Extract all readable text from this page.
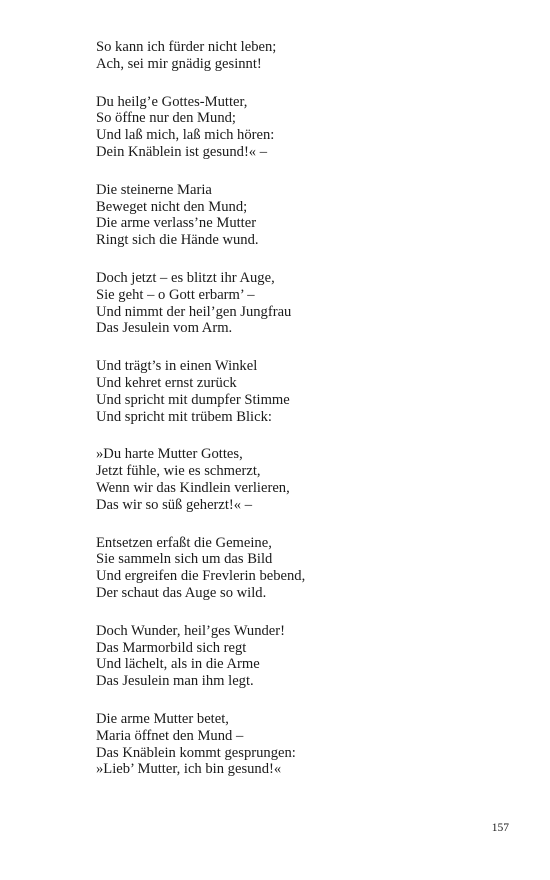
So kann ich fürder nicht leben;
Ach, sei mir gnädig gesinnt!
Du heilg’e Gottes-Mutter,
So öffne nur den Mund;
Und laß mich, laß mich hören:
Dein Knäblein ist gesund!« –
Die steinerne Maria
Beweget nicht den Mund;
Die arme verlass’ne Mutter
Ringt sich die Hände wund.
Doch jetzt – es blitzt ihr Auge,
Sie geht – o Gott erbarm’ –
Und nimmt der heil’gen Jungfrau
Das Jesulein vom Arm.
Und trägt’s in einen Winkel
Und kehret ernst zurück
Und spricht mit dumpfer Stimme
Und spricht mit trübem Blick:
»Du harte Mutter Gottes,
Jetzt fühle, wie es schmerzt,
Wenn wir das Kindlein verlieren,
Das wir so süß geherzt!« –
Entsetzen erfaßt die Gemeine,
Sie sammeln sich um das Bild
Und ergreifen die Frevlerin bebend,
Der schaut das Auge so wild.
Doch Wunder, heil’ges Wunder!
Das Marmorbild sich regt
Und lächelt, als in die Arme
Das Jesulein man ihm legt.
Die arme Mutter betet,
Maria öffnet den Mund –
Das Knäblein kommt gesprungen:
»Lieb’ Mutter, ich bin gesund!«
157
